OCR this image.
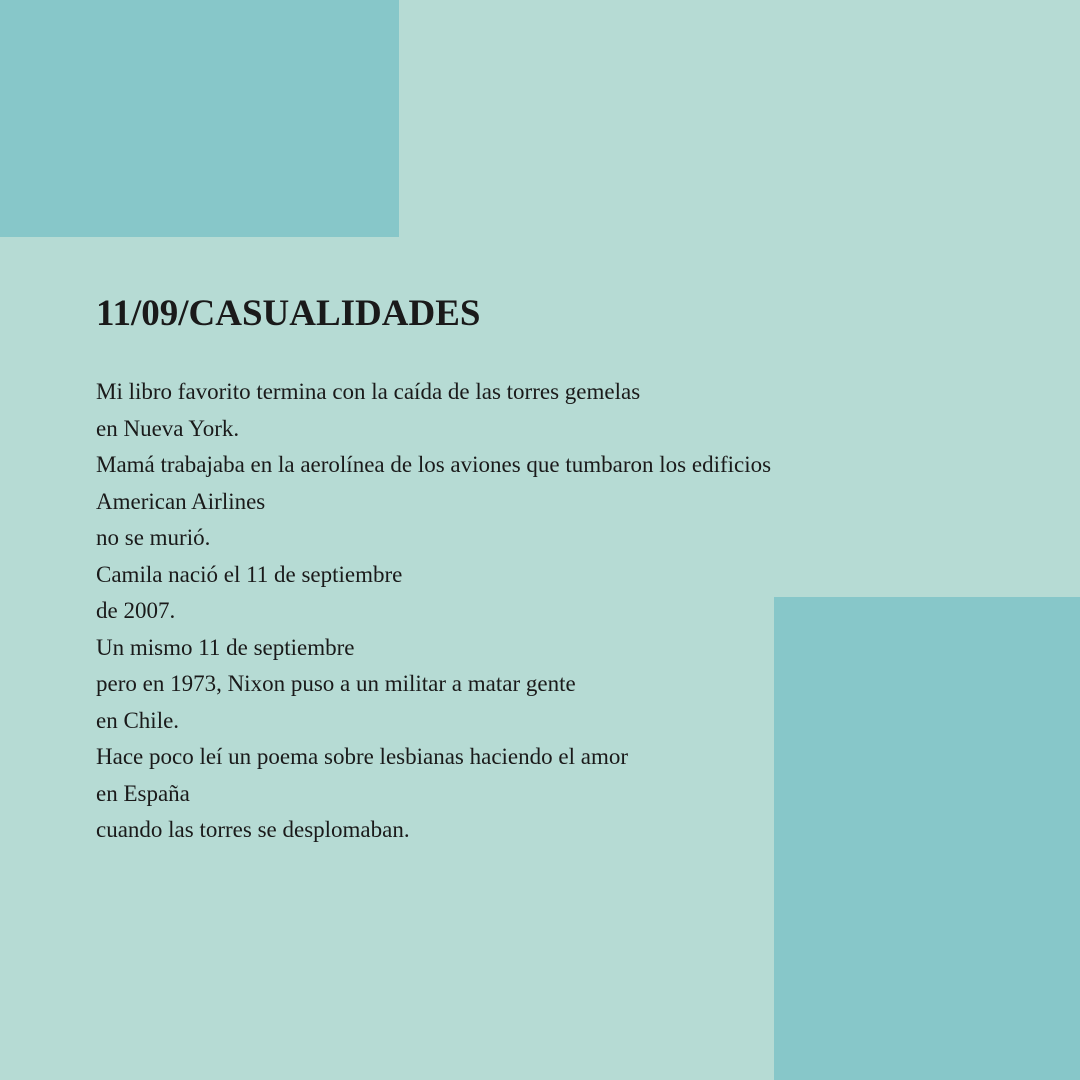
11/09/CASUALIDADES
Mi libro favorito termina con la caída de las torres gemelas
en Nueva York.
Mamá trabajaba en la aerolínea de los aviones que tumbaron los edificios
American Airlines
no se murió.
Camila nació el 11 de septiembre
de 2007.
Un mismo 11 de septiembre
pero en 1973, Nixon puso a un militar a matar gente
en Chile.
Hace poco leí un poema sobre lesbianas haciendo el amor
en España
cuando las torres se desplomaban.
